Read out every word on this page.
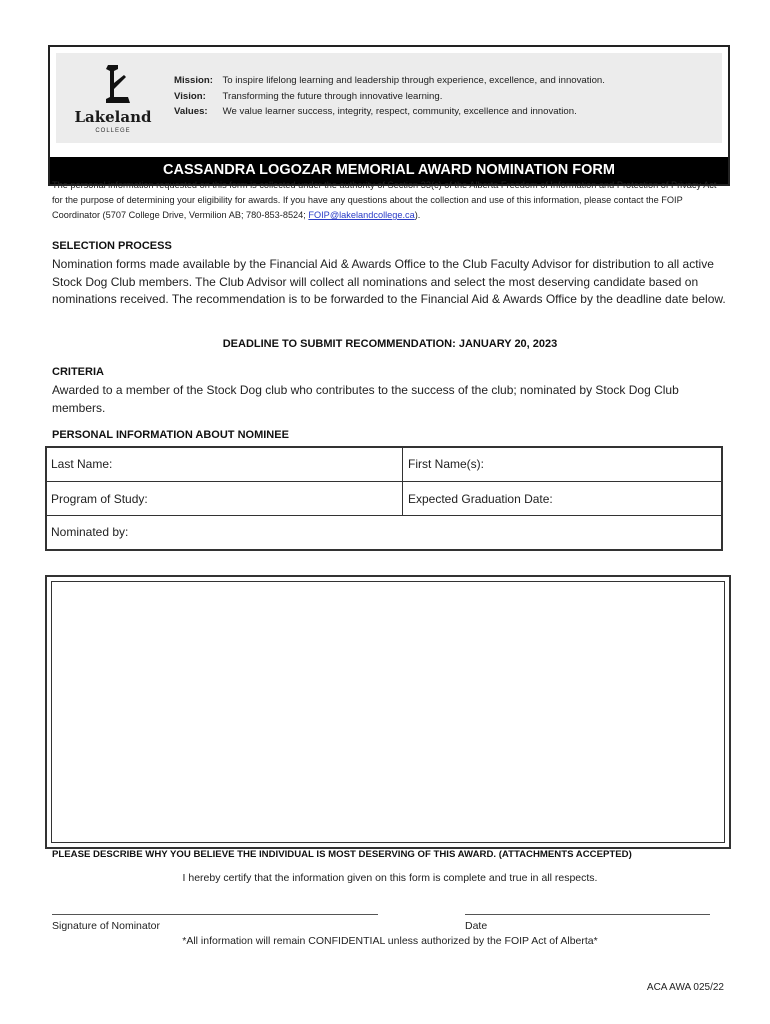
Lakeland
COLLEGE
Mission: To inspire lifelong learning and leadership through experience, excellence, and innovation.
Vision: Transforming the future through innovative learning.
Values: We value learner success, integrity, respect, community, excellence and innovation.
CASSANDRA LOGOZAR MEMORIAL AWARD NOMINATION FORM
The personal information requested on this form is collected under the authority of Section 33(c) of the Alberta Freedom of Information and Protection of Privacy Act for the purpose of determining your eligibility for awards. If you have any questions about the collection and use of this information, please contact the FOIP Coordinator (5707 College Drive, Vermilion AB; 780-853-8524; FOIP@lakelandcollege.ca).
SELECTION PROCESS
Nomination forms made available by the Financial Aid & Awards Office to the Club Faculty Advisor for distribution to all active Stock Dog Club members. The Club Advisor will collect all nominations and select the most deserving candidate based on nominations received. The recommendation is to be forwarded to the Financial Aid & Awards Office by the deadline date below.
DEADLINE TO SUBMIT RECOMMENDATION: JANUARY 20, 2023
CRITERIA
Awarded to a member of the Stock Dog club who contributes to the success of the club; nominated by Stock Dog Club members.
PERSONAL INFORMATION ABOUT NOMINEE
Last Name:	First Name(s):
Program of Study:	Expected Graduation Date:
Nominated by:
PLEASE DESCRIBE WHY YOU BELIEVE THE INDIVIDUAL IS MOST DESERVING OF THIS AWARD. (ATTACHMENTS ACCEPTED)
I hereby certify that the information given on this form is complete and true in all respects.
Signature of Nominator	Date
*All information will remain CONFIDENTIAL unless authorized by the FOIP Act of Alberta*
ACA AWA 025/22
